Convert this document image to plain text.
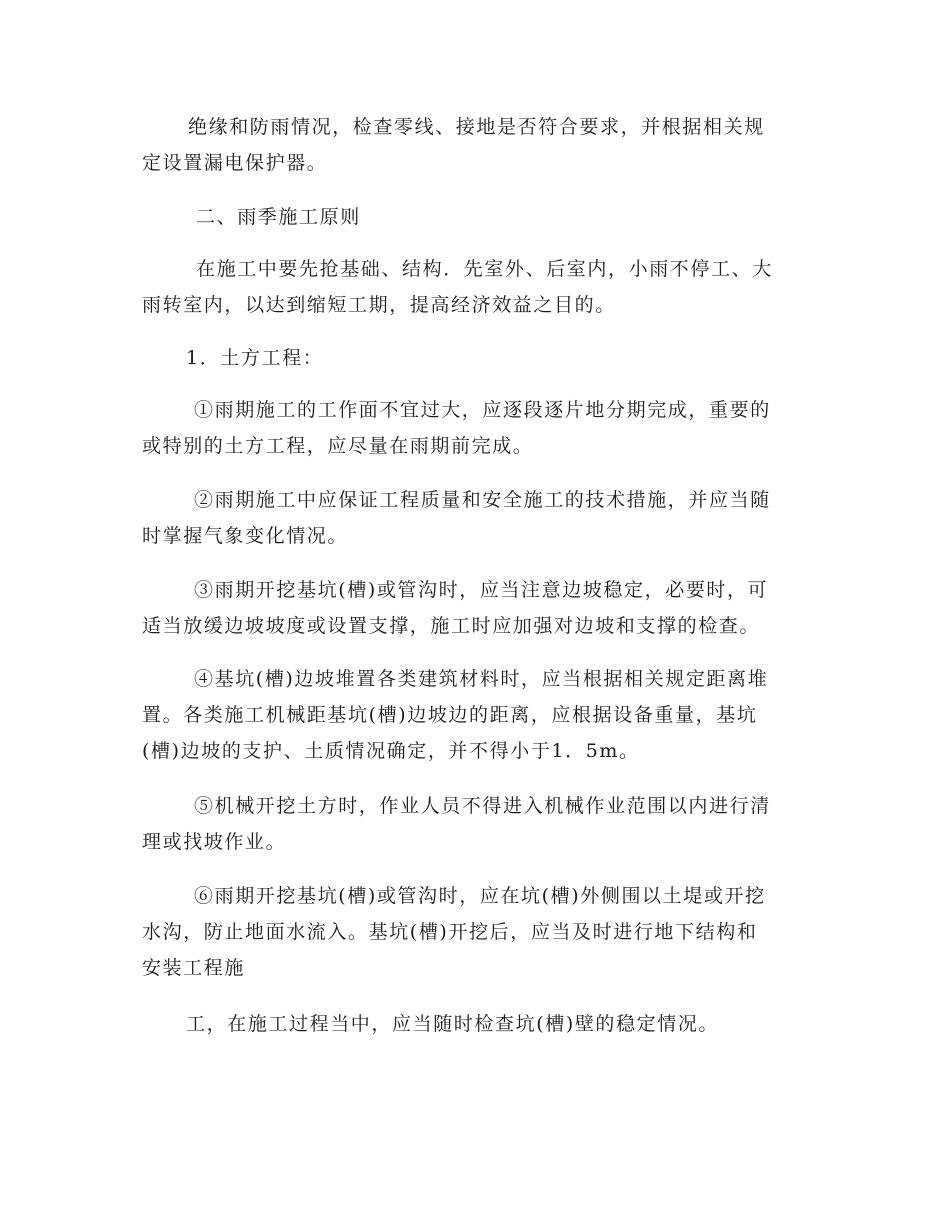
绝缘和防雨情况，检查零线、接地是否符合要求，并根据相关规
定设置漏电保护器。

二、雨季施工原则

在施工中要先抢基础、结构．先室外、后室内，小雨不停工、大
雨转室内，以达到缩短工期，提高经济效益之目的。

1．土方工程：

①雨期施工的工作面不宜过大，应逐段逐片地分期完成，重要的
或特别的土方工程，应尽量在雨期前完成。

②雨期施工中应保证工程质量和安全施工的技术措施，并应当随
时掌握气象变化情况。

③雨期开挖基坑(槽)或管沟时，应当注意边坡稳定，必要时，可
适当放缓边坡坡度或设置支撑，施工时应加强对边坡和支撑的检查。

④基坑(槽)边坡堆置各类建筑材料时，应当根据相关规定距离堆
置。各类施工机械距基坑(槽)边坡边的距离，应根据设备重量，基坑
(槽)边坡的支护、土质情况确定，并不得小于1．5m。

⑤机械开挖土方时，作业人员不得进入机械作业范围以内进行清
理或找坡作业。

⑥雨期开挖基坑(槽)或管沟时，应在坑(槽)外侧围以土堤或开挖
水沟，防止地面水流入。基坑(槽)开挖后，应当及时进行地下结构和
安装工程施

工，在施工过程当中，应当随时检查坑(槽)壁的稳定情况。
